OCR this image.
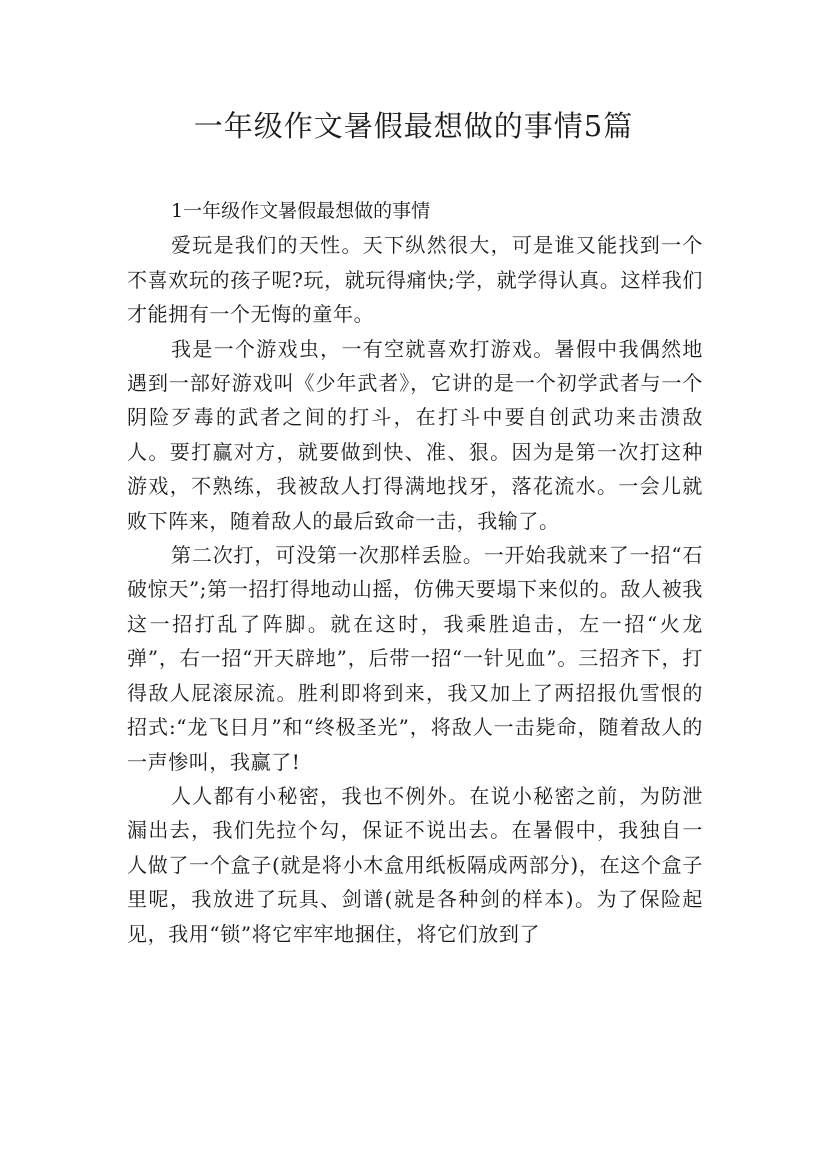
一年级作文暑假最想做的事情5篇

1一年级作文暑假最想做的事情

爱玩是我们的天性。天下纵然很大，可是谁又能找到一个不喜欢玩的孩子呢?玩，就玩得痛快;学，就学得认真。这样我们才能拥有一个无悔的童年。

我是一个游戏虫，一有空就喜欢打游戏。暑假中我偶然地遇到一部好游戏叫《少年武者》，它讲的是一个初学武者与一个阴险歹毒的武者之间的打斗，在打斗中要自创武功来击溃敌人。要打赢对方，就要做到快、准、狠。因为是第一次打这种游戏，不熟练，我被敌人打得满地找牙，落花流水。一会儿就败下阵来，随着敌人的最后致命一击，我输了。

第二次打，可没第一次那样丢脸。一开始我就来了一招“石破惊天”;第一招打得地动山摇，仿佛天要塌下来似的。敌人被我这一招打乱了阵脚。就在这时，我乘胜追击，左一招“火龙弹”，右一招“开天辟地”，后带一招“一针见血”。三招齐下，打得敌人屁滚尿流。胜利即将到来，我又加上了两招报仇雪恨的招式:“龙飞日月”和“终极圣光”，将敌人一击毙命，随着敌人的一声惨叫，我赢了!

人人都有小秘密，我也不例外。在说小秘密之前，为防泄漏出去，我们先拉个勾，保证不说出去。在暑假中，我独自一人做了一个盒子(就是将小木盒用纸板隔成两部分)，在这个盒子里呢，我放进了玩具、剑谱(就是各种剑的样本)。为了保险起见，我用“锁”将它牢牢地捆住，将它们放到了
